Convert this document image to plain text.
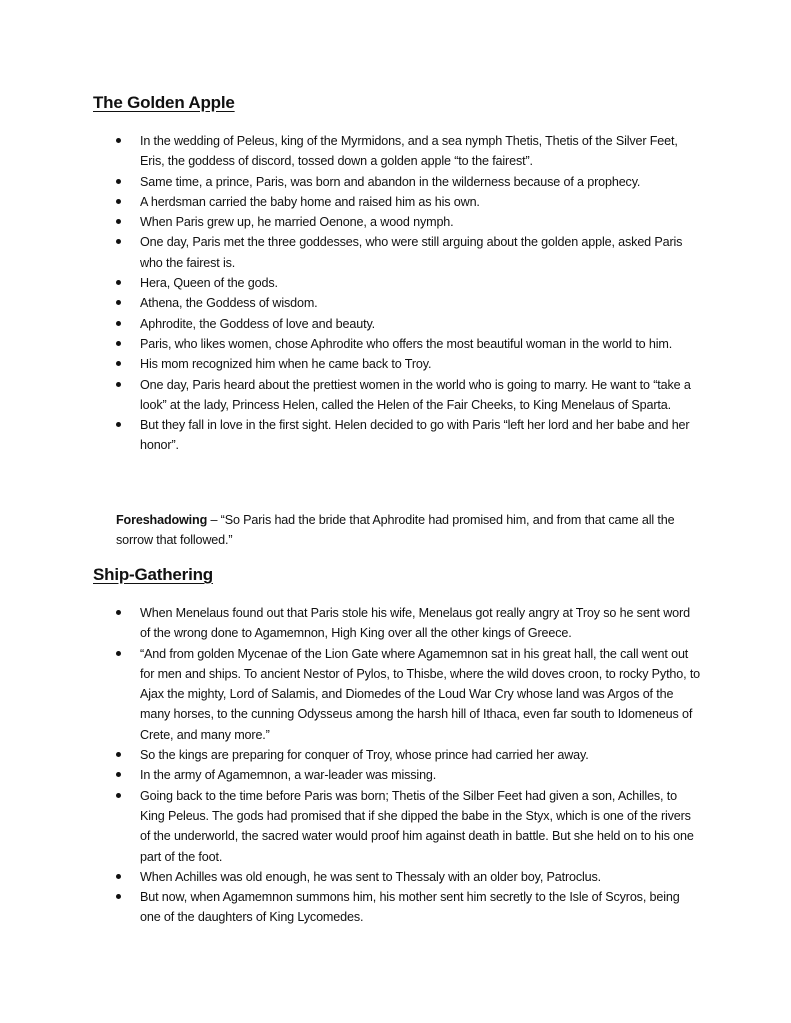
The Golden Apple
In the wedding of Peleus, king of the Myrmidons, and a sea nymph Thetis, Thetis of the Silver Feet, Eris, the goddess of discord, tossed down a golden apple “to the fairest”.
Same time, a prince, Paris, was born and abandon in the wilderness because of a prophecy.
A herdsman carried the baby home and raised him as his own.
When Paris grew up, he married Oenone, a wood nymph.
One day, Paris met the three goddesses, who were still arguing about the golden apple, asked Paris who the fairest is.
Hera, Queen of the gods.
Athena, the Goddess of wisdom.
Aphrodite, the Goddess of love and beauty.
Paris, who likes women, chose Aphrodite who offers the most beautiful woman in the world to him.
His mom recognized him when he came back to Troy.
One day, Paris heard about the prettiest women in the world who is going to marry. He want to “take a look” at the lady, Princess Helen, called the Helen of the Fair Cheeks, to King Menelaus of Sparta.
But they fall in love in the first sight. Helen decided to go with Paris “left her lord and her babe and her honor”.

Foreshadowing – “So Paris had the bride that Aphrodite had promised him, and from that came all the sorrow that followed.”

Ship-Gathering
When Menelaus found out that Paris stole his wife, Menelaus got really angry at Troy so he sent word of the wrong done to Agamemnon, High King over all the other kings of Greece.
“And from golden Mycenae of the Lion Gate where Agamemnon sat in his great hall, the call went out for men and ships. To ancient Nestor of Pylos, to Thisbe, where the wild doves croon, to rocky Pytho, to Ajax the mighty, Lord of Salamis, and Diomedes of the Loud War Cry whose land was Argos of the many horses, to the cunning Odysseus among the harsh hill of Ithaca, even far south to Idomeneus of Crete, and many more.”
So the kings are preparing for conquer of Troy, whose prince had carried her away.
In the army of Agamemnon, a war-leader was missing.
Going back to the time before Paris was born; Thetis of the Silber Feet had given a son, Achilles, to King Peleus. The gods had promised that if she dipped the babe in the Styx, which is one of the rivers of the underworld, the sacred water would proof him against death in battle. But she held on to his one part of the foot.
When Achilles was old enough, he was sent to Thessaly with an older boy, Patroclus.
But now, when Agamemnon summons him, his mother sent him secretly to the Isle of Scyros, being one of the daughters of King Lycomedes.
